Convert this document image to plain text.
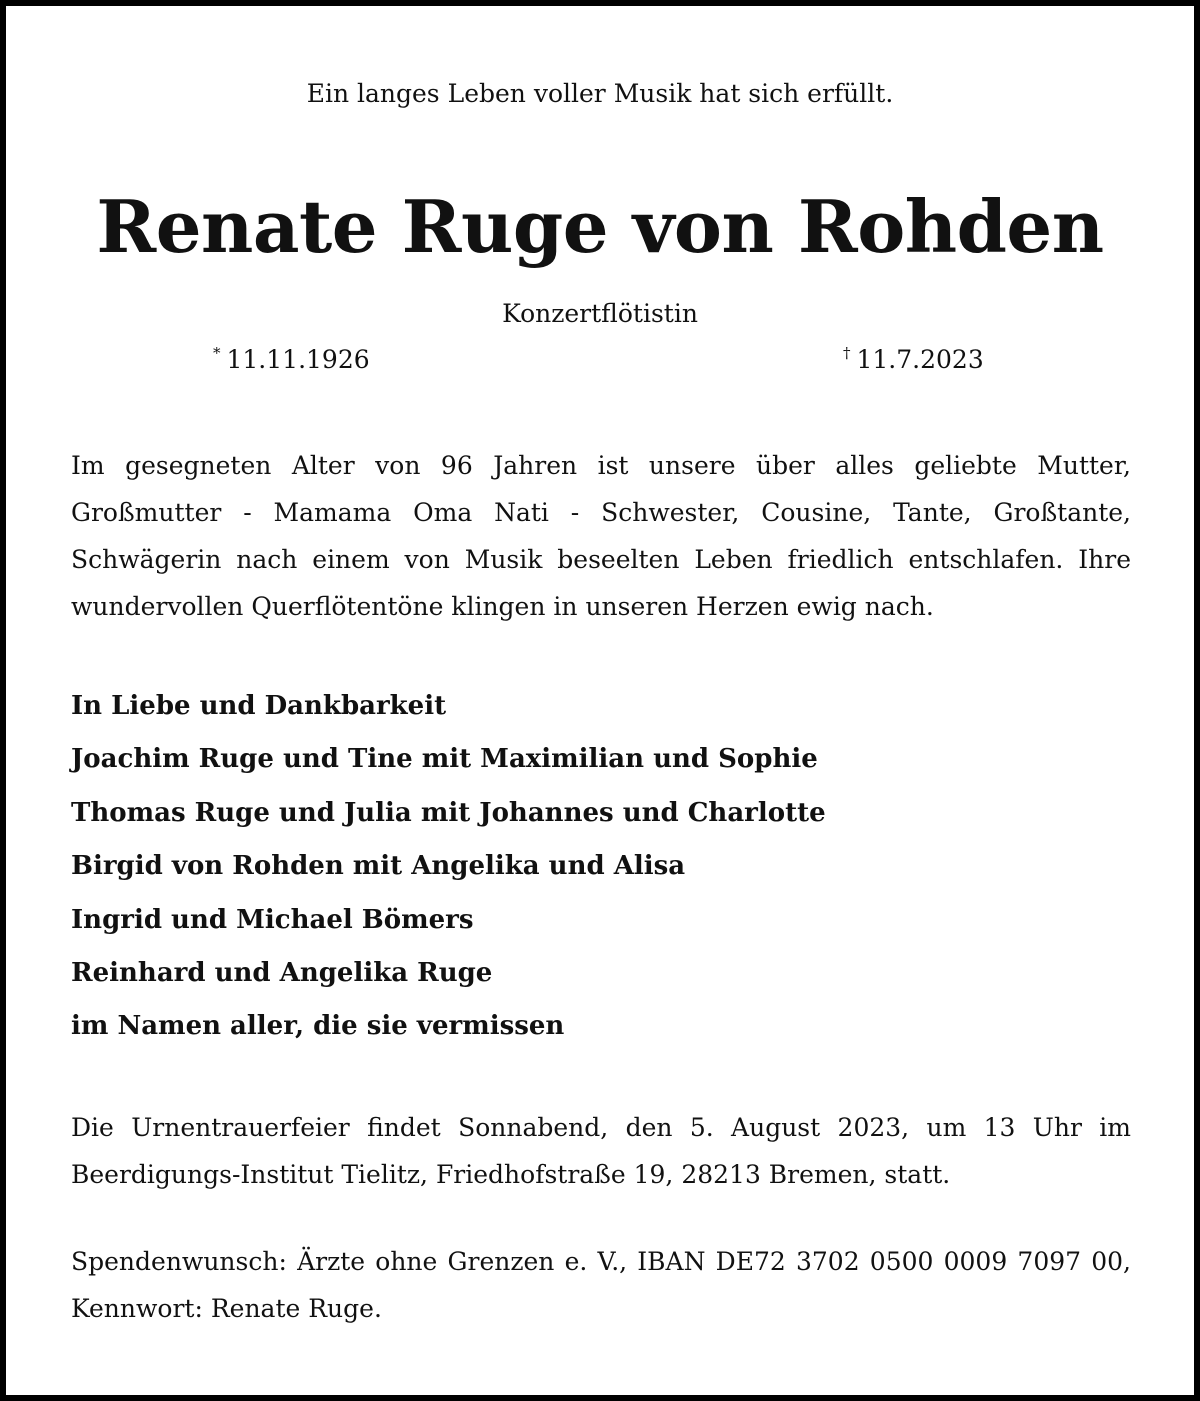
Ein langes Leben voller Musik hat sich erfüllt.
Renate Ruge von Rohden
Konzertflötistin
* 11.11.1926	† 11.7.2023

Im gesegneten Alter von 96 Jahren ist unsere über alles geliebte Mutter, Großmutter - Mamama Oma Nati - Schwester, Cousine, Tante, Großtante, Schwägerin nach einem von Musik beseelten Leben friedlich entschlafen. Ihre wundervollen Querflötentöne klingen in unseren Herzen ewig nach.

In Liebe und Dankbarkeit
Joachim Ruge und Tine mit Maximilian und Sophie
Thomas Ruge und Julia mit Johannes und Charlotte
Birgid von Rohden mit Angelika und Alisa
Ingrid und Michael Bömers
Reinhard und Angelika Ruge
im Namen aller, die sie vermissen

Die Urnentrauerfeier findet Sonnabend, den 5. August 2023, um 13 Uhr im Beerdigungs-Institut Tielitz, Friedhofstraße 19, 28213 Bremen, statt.

Spendenwunsch: Ärzte ohne Grenzen e. V., IBAN DE72 3702 0500 0009 7097 00, Kennwort: Renate Ruge.
